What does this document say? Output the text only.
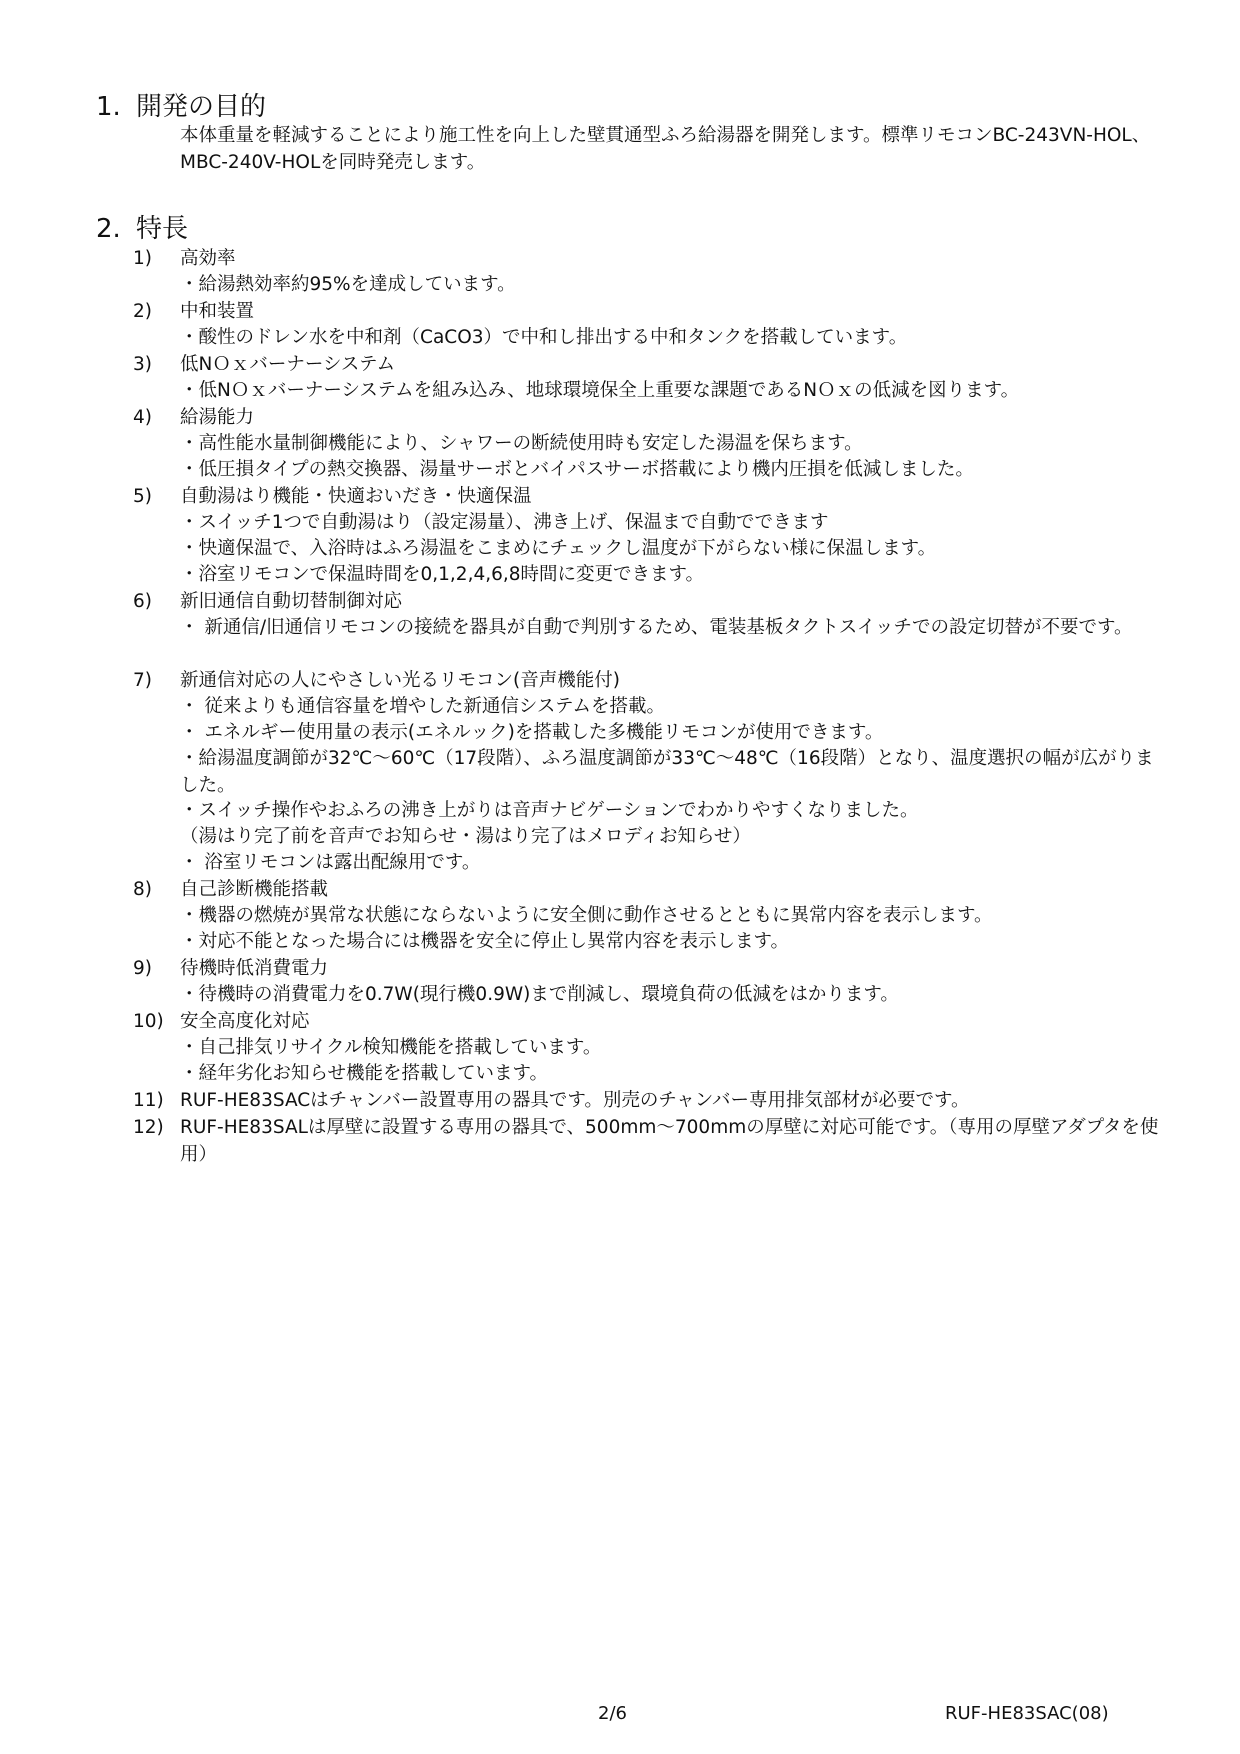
1. 開発の目的
本体重量を軽減することにより施工性を向上した壁貫通型ふろ給湯器を開発します。標準リモコンBC-243VN-HOL、MBC-240V-HOLを同時発売します。
2. 特長
1)	高効率
・給湯熱効率約95%を達成しています。
2)	中和装置
・酸性のドレン水を中和剤（CaCO3）で中和し排出する中和タンクを搭載しています。
3)	低NＯｘバーナーシステム
・低NＯｘバーナーシステムを組み込み、地球環境保全上重要な課題であるNＯｘの低減を図ります。
4)	給湯能力
・高性能水量制御機能により、シャワーの断続使用時も安定した湯温を保ちます。
・低圧損タイプの熱交換器、湯量サーボとバイパスサーボ搭載により機内圧損を低減しました。
5)	自動湯はり機能・快適おいだき・快適保温
・スイッチ1つで自動湯はり（設定湯量）、沸き上げ、保温まで自動でできます
・快適保温で、入浴時はふろ湯温をこまめにチェックし温度が下がらない様に保温します。
・浴室リモコンで保温時間を0,1,2,4,6,8時間に変更できます。
6)	新旧通信自動切替制御対応
・ 新通信/旧通信リモコンの接続を器具が自動で判別するため、電装基板タクトスイッチでの設定切替が不要です。
7)	新通信対応の人にやさしい光るリモコン(音声機能付)
・ 従来よりも通信容量を増やした新通信システムを搭載。
・ エネルギー使用量の表示(エネルック)を搭載した多機能リモコンが使用できます。
・給湯温度調節が32℃～60℃（17段階）、ふろ温度調節が33℃～48℃（16段階）となり、温度選択の幅が広がりました。
・スイッチ操作やおふろの沸き上がりは音声ナビゲーションでわかりやすくなりました。
（湯はり完了前を音声でお知らせ・湯はり完了はメロディお知らせ）
・ 浴室リモコンは露出配線用です。
8)	自己診断機能搭載
・機器の燃焼が異常な状態にならないように安全側に動作させるとともに異常内容を表示します。
・対応不能となった場合には機器を安全に停止し異常内容を表示します。
9)	待機時低消費電力
・待機時の消費電力を0.7W(現行機0.9W)まで削減し、環境負荷の低減をはかります。
10) 安全高度化対応
・自己排気リサイクル検知機能を搭載しています。
・経年劣化お知らせ機能を搭載しています。
11) RUF-HE83SACはチャンバー設置専用の器具です。別売のチャンバー専用排気部材が必要です。
12) RUF-HE83SALは厚壁に設置する専用の器具で、500mm～700mmの厚壁に対応可能です。（専用の厚壁アダプタを使用）
2/6	RUF-HE83SAC(08)
